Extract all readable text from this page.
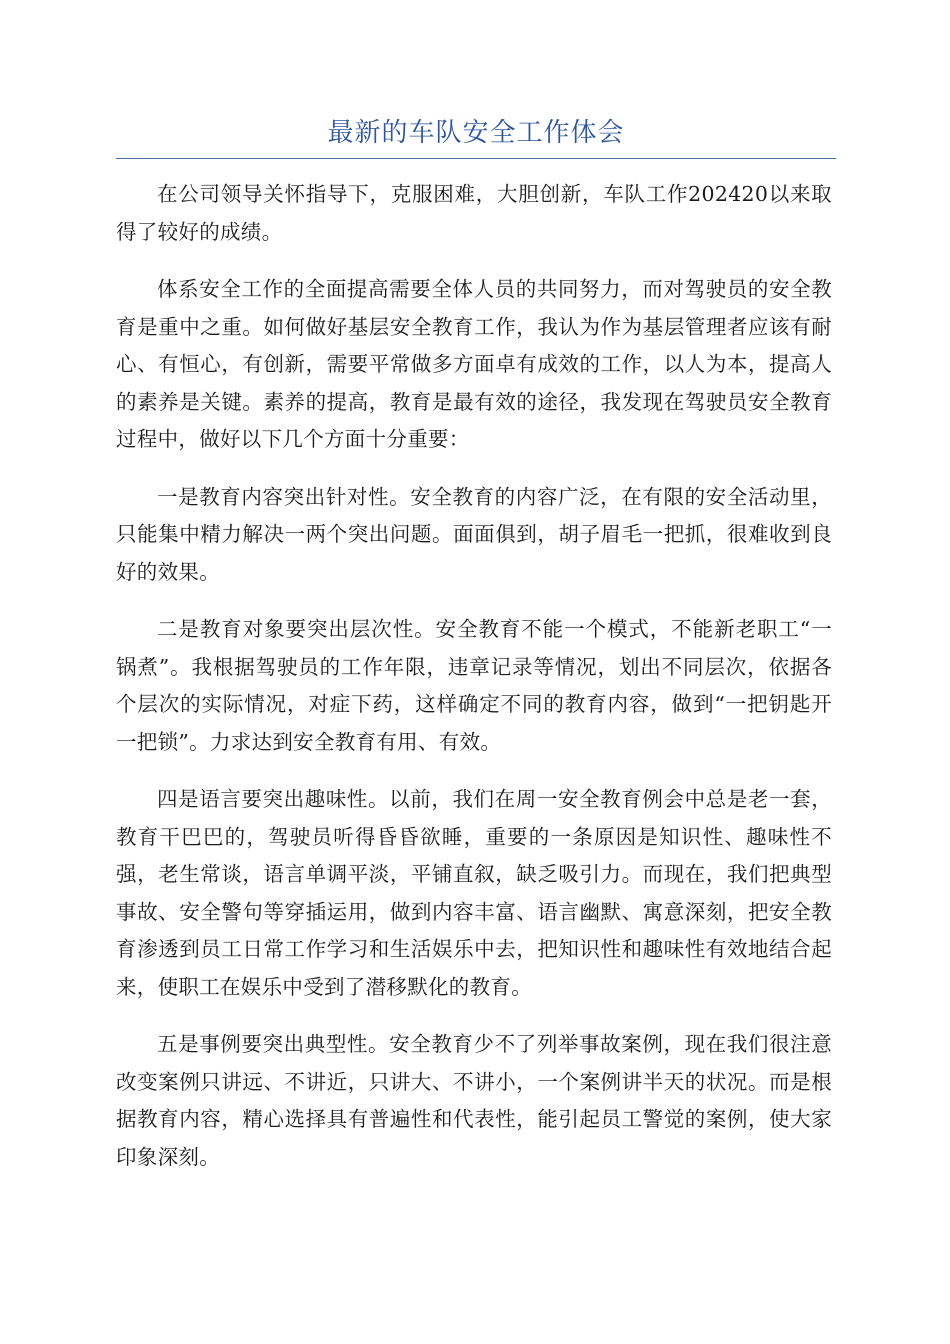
最新的车队安全工作体会

在公司领导关怀指导下，克服困难，大胆创新，车队工作202420以来取得了较好的成绩。

体系安全工作的全面提高需要全体人员的共同努力，而对驾驶员的安全教育是重中之重。如何做好基层安全教育工作，我认为作为基层管理者应该有耐心、有恒心，有创新，需要平常做多方面卓有成效的工作，以人为本，提高人的素养是关键。素养的提高，教育是最有效的途径，我发现在驾驶员安全教育过程中，做好以下几个方面十分重要：

一是教育内容突出针对性。安全教育的内容广泛，在有限的安全活动里，只能集中精力解决一两个突出问题。面面俱到，胡子眉毛一把抓，很难收到良好的效果。

二是教育对象要突出层次性。安全教育不能一个模式，不能新老职工“一锅煮”。我根据驾驶员的工作年限，违章记录等情况，划出不同层次，依据各个层次的实际情况，对症下药，这样确定不同的教育内容，做到“一把钥匙开一把锁”。力求达到安全教育有用、有效。

四是语言要突出趣味性。以前，我们在周一安全教育例会中总是老一套，教育干巴巴的，驾驶员听得昏昏欲睡，重要的一条原因是知识性、趣味性不强，老生常谈，语言单调平淡，平铺直叙，缺乏吸引力。而现在，我们把典型事故、安全警句等穿插运用，做到内容丰富、语言幽默、寓意深刻，把安全教育渗透到员工日常工作学习和生活娱乐中去，把知识性和趣味性有效地结合起来，使职工在娱乐中受到了潜移默化的教育。

五是事例要突出典型性。安全教育少不了列举事故案例，现在我们很注意改变案例只讲远、不讲近，只讲大、不讲小，一个案例讲半天的状况。而是根据教育内容，精心选择具有普遍性和代表性，能引起员工警觉的案例，使大家印象深刻。
